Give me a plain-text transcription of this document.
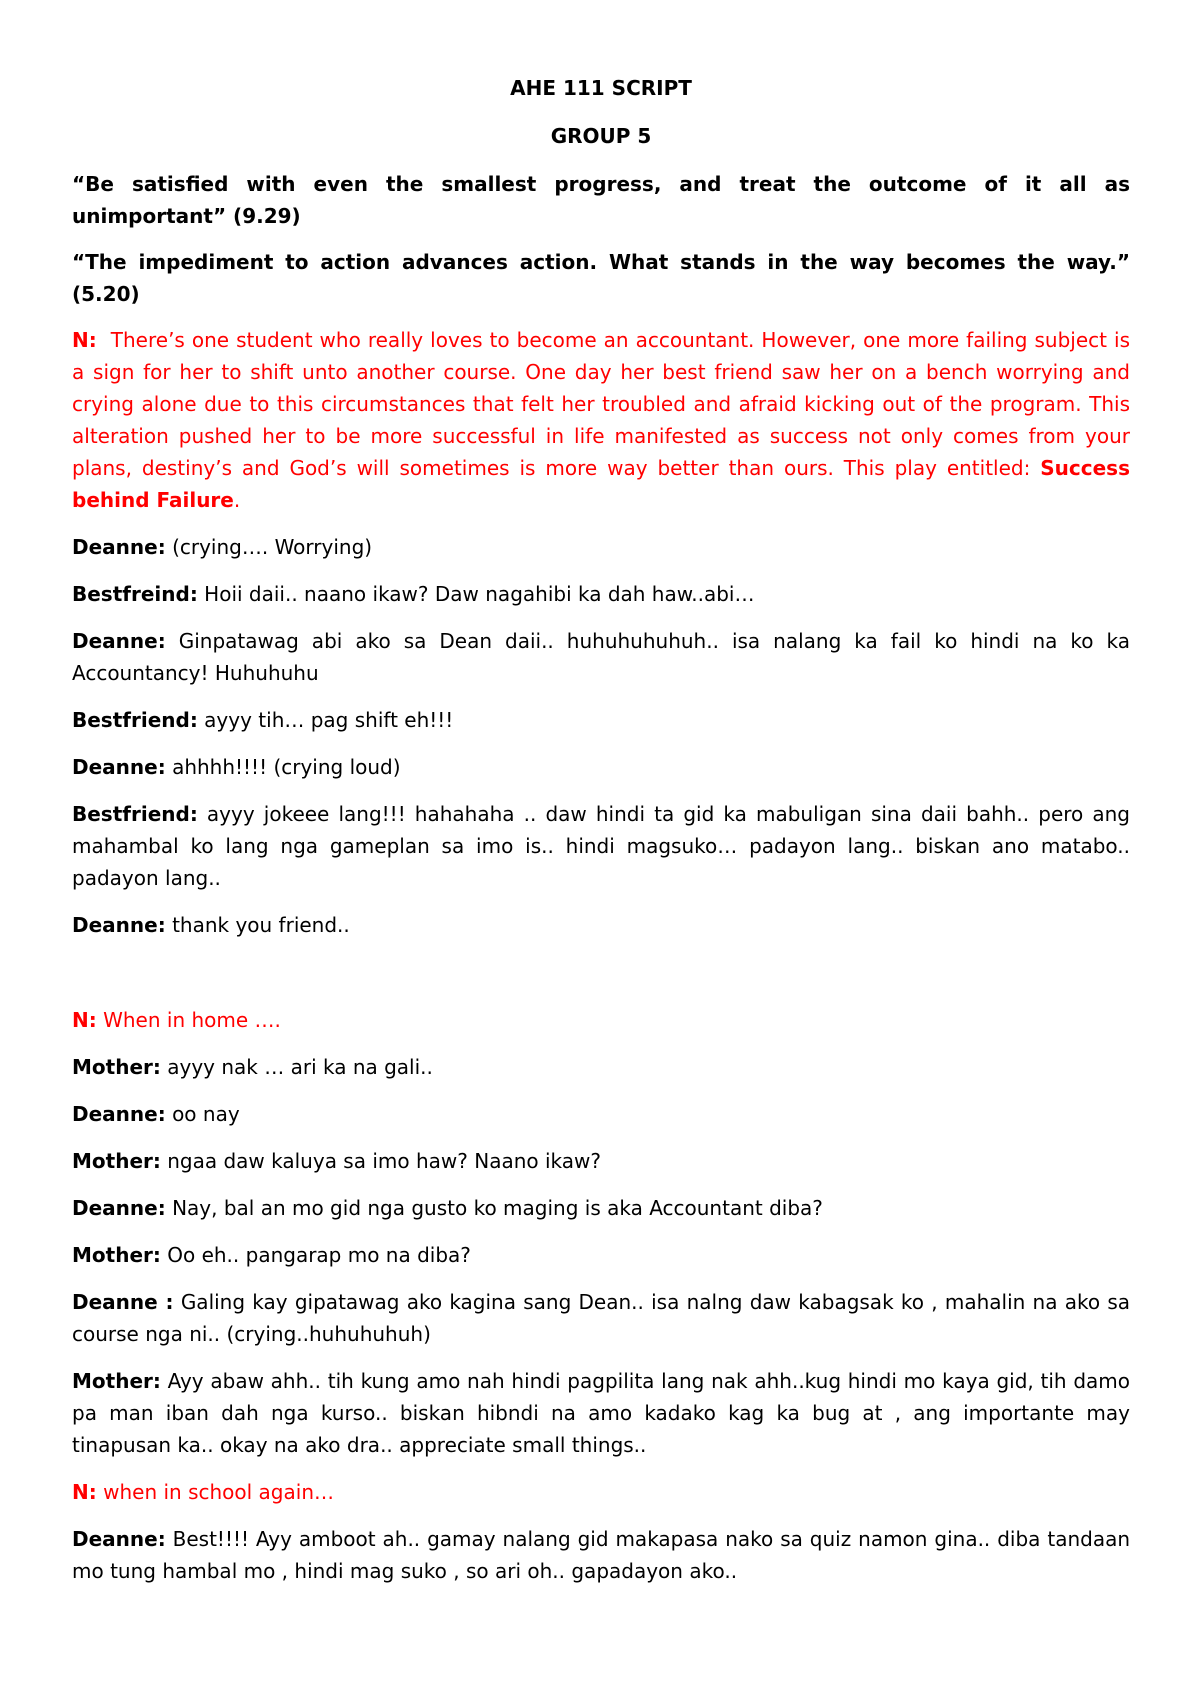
AHE 111 SCRIPT
GROUP 5

“Be satisfied with even the smallest progress, and treat the outcome of it all as unimportant” (9.29)

“The impediment to action advances action. What stands in the way becomes the way.” (5.20)

N: There’s one student who really loves to become an accountant. However, one more failing subject is a sign for her to shift unto another course. One day her best friend saw her on a bench worrying and crying alone due to this circumstances that felt her troubled and afraid kicking out of the program. This alteration pushed her to be more successful in life manifested as success not only comes from your plans, destiny’s and God’s will sometimes is more way better than ours. This play entitled: Success behind Failure.

Deanne: (crying…. Worrying)

Bestfreind: Hoii daii.. naano ikaw? Daw nagahibi ka dah haw..abi…

Deanne: Ginpatawag abi ako sa Dean daii.. huhuhuhuhuh.. isa nalang ka fail ko hindi na ko ka Accountancy! Huhuhuhu

Bestfriend: ayyy tih… pag shift eh!!!

Deanne: ahhhh!!!! (crying loud)

Bestfriend: ayyy jokeee lang!!! hahahaha .. daw hindi ta gid ka mabuligan sina daii bahh.. pero ang mahambal ko lang nga gameplan sa imo is.. hindi magsuko… padayon lang.. biskan ano matabo.. padayon lang..

Deanne: thank you friend..

N: When in home ….

Mother: ayyy nak … ari ka na gali..

Deanne: oo nay

Mother: ngaa daw kaluya sa imo haw? Naano ikaw?

Deanne: Nay, bal an mo gid nga gusto ko maging is aka Accountant diba?

Mother: Oo eh.. pangarap mo na diba?

Deanne : Galing kay gipatawag ako kagina sang Dean.. isa nalng daw kabagsak ko , mahalin na ako sa course nga ni.. (crying..huhuhuhuh)

Mother: Ayy abaw ahh.. tih kung amo nah hindi pagpilita lang nak ahh..kug hindi mo kaya gid, tih damo pa man iban dah nga kurso.. biskan hibndi na amo kadako kag ka bug at , ang importante may tinapusan ka.. okay na ako dra.. appreciate small things..

N: when in school again…

Deanne: Best!!!! Ayy amboot ah.. gamay nalang gid makapasa nako sa quiz namon gina.. diba tandaan mo tung hambal mo , hindi mag suko , so ari oh.. gapadayon ako..
